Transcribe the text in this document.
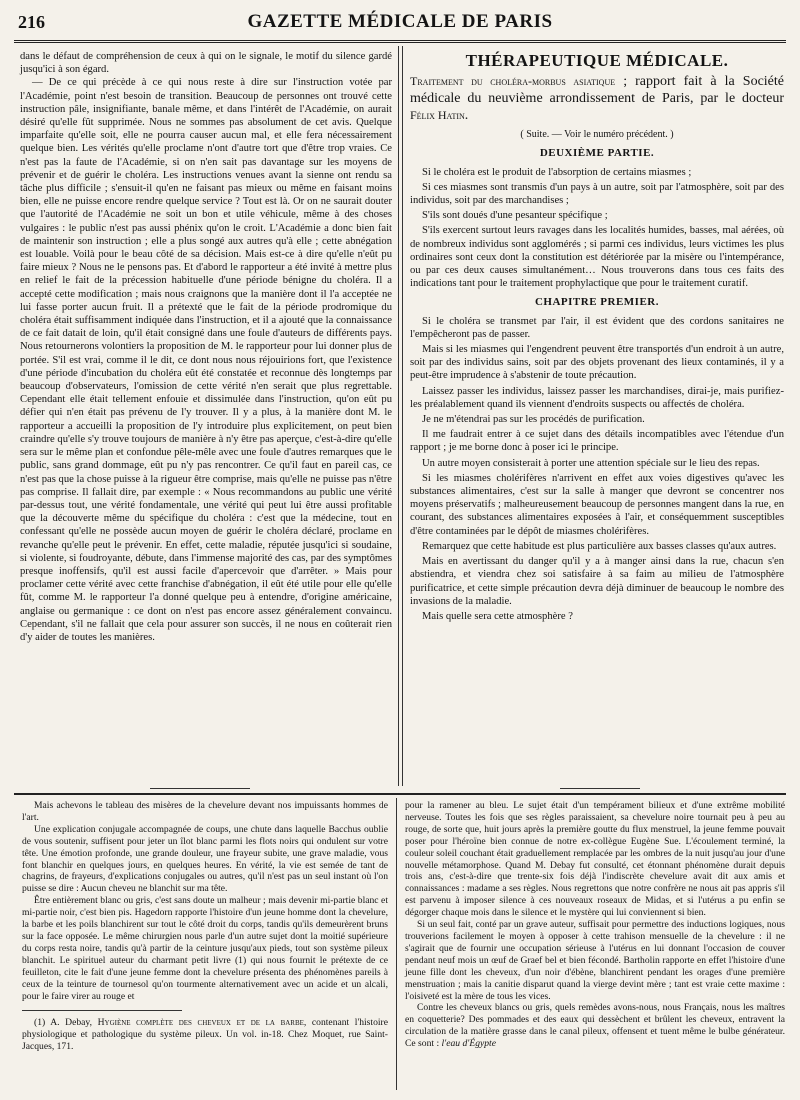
216	GAZETTE MÉDICALE DE PARIS

dans le défaut de compréhension de ceux à qui on le signale, le motif du silence gardé jusqu'ici à son égard.

— De ce qui précède à ce qui nous reste à dire sur l'instruction votée par l'Académie, point n'est besoin de transition. Beaucoup de personnes ont trouvé cette instruction pâle, insignifiante, banale même, et dans l'intérêt de l'Académie, on aurait désiré qu'elle fût supprimée. Nous ne sommes pas absolument de cet avis. Quelque imparfaite qu'elle soit, elle ne pourra causer aucun mal, et elle fera nécessairement quelque bien. Les vérités qu'elle proclame n'ont d'autre tort que d'être trop vraies. Ce n'est pas la faute de l'Académie, si on n'en sait pas davantage sur les moyens de prévenir et de guérir le choléra. Les instructions venues avant la sienne ont rendu sa tâche plus difficile ; s'ensuit-il qu'en ne faisant pas mieux ou même en faisant moins bien, elle ne puisse encore rendre quelque service ? Tout est là. Or on ne saurait douter que l'autorité de l'Académie ne soit un bon et utile véhicule, même à des choses vulgaires : le public n'est pas aussi phénix qu'on le croit. L'Académie a donc bien fait de maintenir son instruction ; elle a plus songé aux autres qu'à elle ; cette abnégation est louable. Voilà pour le beau côté de sa décision. Mais est-ce à dire qu'elle n'eût pu faire mieux ? Nous ne le pensons pas. Et d'abord le rapporteur a été invité à mettre plus en relief le fait de la précession habituelle d'une période bénigne du choléra. Il a accepté cette modification ; mais nous craignons que la manière dont il l'a acceptée ne lui fasse porter aucun fruit. Il a prétexté que le fait de la période prodromique du choléra était suffisamment indiquée dans l'instruction, et il a ajouté que la connaissance de ce fait datait de loin, qu'il était consigné dans une foule d'auteurs de différents pays. Nous retournerons volontiers la proposition de M. le rapporteur pour lui donner plus de portée. S'il est vrai, comme il le dit, ce dont nous nous réjouirions fort, que l'existence d'une période d'incubation du choléra eût été constatée et reconnue dès longtemps par beaucoup d'observateurs, l'omission de cette vérité n'en serait que plus regrettable. Cependant elle était tellement enfouie et dissimulée dans l'instruction, qu'on eût pu défier qui n'en était pas prévenu de l'y trouver. Il y a plus, à la manière dont M. le rapporteur a accueilli la proposition de l'y introduire plus explicitement, on peut bien craindre qu'elle s'y trouve toujours de manière à n'y être pas aperçue, c'est-à-dire qu'elle sera sur le même plan et confondue pêle-mêle avec une foule d'autres remarques que le public, sans grand dommage, eût pu n'y pas rencontrer. Ce qu'il faut en pareil cas, ce n'est pas que la chose puisse à la rigueur être comprise, mais qu'elle ne puisse pas n'être pas comprise. Il fallait dire, par exemple : « Nous recommandons au public une vérité par-dessus tout, une vérité fondamentale, une vérité qui peut lui être aussi profitable que la découverte même du spécifique du choléra : c'est que la médecine, tout en confessant qu'elle ne possède aucun moyen de guérir le choléra déclaré, proclame en revanche qu'elle peut le prévenir. En effet, cette maladie, réputée jusqu'ici si soudaine, si violente, si foudroyante, débute, dans l'immense majorité des cas, par des symptômes presque inoffensifs, qu'il est aussi facile d'apercevoir que d'arrêter. » Mais pour proclamer cette vérité avec cette franchise d'abnégation, il eût été utile pour elle qu'elle fût, comme M. le rapporteur l'a donné quelque peu à entendre, d'origine américaine, anglaise ou germanique : ce dont on n'est pas encore assez généralement convaincu. Cependant, s'il ne fallait que cela pour assurer son succès, il ne nous en coûterait rien d'y aider de toutes les manières.

THÉRAPEUTIQUE MÉDICALE.
Traitement du choléra-morbus asiatique ; rapport fait à la Société médicale du neuvième arrondissement de Paris, par le docteur Félix Hatin.
( Suite. — Voir le numéro précédent. )
DEUXIÈME PARTIE.

Si le choléra est le produit de l'absorption de certains miasmes ;

Si ces miasmes sont transmis d'un pays à un autre, soit par l'atmosphère, soit par des individus, soit par des marchandises ;

S'ils sont doués d'une pesanteur spécifique ;

S'ils exercent surtout leurs ravages dans les localités humides, basses, mal aérées, où de nombreux individus sont agglomérés ; si parmi ces individus, leurs victimes les plus ordinaires sont ceux dont la constitution est détériorée par la misère ou l'intempérance, ou par ces deux causes simultanément… Nous trouverons dans tous ces faits des indications tant pour le traitement prophylactique que pour le traitement curatif.

CHAPITRE PREMIER.

Si le choléra se transmet par l'air, il est évident que des cordons sanitaires ne l'empêcheront pas de passer.

Mais si les miasmes qui l'engendrent peuvent être transportés d'un endroit à un autre, soit par des individus sains, soit par des objets provenant des lieux contaminés, il y a peut-être imprudence à s'abstenir de toute précaution.

Laissez passer les individus, laissez passer les marchandises, dirai-je, mais purifiez-les préalablement quand ils viennent d'endroits suspects ou affectés de choléra.

Je ne m'étendrai pas sur les procédés de purification.

Il me faudrait entrer à ce sujet dans des détails incompatibles avec l'étendue d'un rapport ; je me borne donc à poser ici le principe.

Un autre moyen consisterait à porter une attention spéciale sur le lieu des repas.

Si les miasmes cholérifères n'arrivent en effet aux voies digestives qu'avec les substances alimentaires, c'est sur la salle à manger que devront se concentrer nos moyens préservatifs ; malheureusement beaucoup de personnes mangent dans la rue, en courant, des substances alimentaires exposées à l'air, et conséquemment susceptibles d'être contaminées par le dépôt de miasmes cholérifères.

Remarquez que cette habitude est plus particulière aux basses classes qu'aux autres.

Mais en avertissant du danger qu'il y a à manger ainsi dans la rue, chacun s'en abstiendra, et viendra chez soi satisfaire à sa faim au milieu de l'atmosphère purificatrice, et cette simple précaution devra déjà diminuer de beaucoup le nombre des invasions de la maladie.

Mais quelle sera cette atmosphère ?

Mais achevons le tableau des misères de la chevelure devant nos impuissants hommes de l'art.

Une explication conjugale accompagnée de coups, une chute dans laquelle Bacchus oublie de vous soutenir, suffisent pour jeter un îlot blanc parmi les flots noirs qui ondulent sur votre tête. Une émotion profonde, une grande douleur, une frayeur subite, une grave maladie, vous font blanchir en quelques jours, en quelques heures. En vérité, la vie est semée de tant de chagrins, de frayeurs, d'explications conjugales ou autres, qu'il n'est pas un seul instant où l'on puisse se dire : Aucun cheveu ne blanchit sur ma tête.

Être entièrement blanc ou gris, c'est sans doute un malheur ; mais devenir mi-partie blanc et mi-partie noir, c'est bien pis. Hagedorn rapporte l'histoire d'un jeune homme dont la chevelure, la barbe et les poils blanchirent sur tout le côté droit du corps, tandis qu'ils demeurèrent bruns sur la face opposée. Le même chirurgien nous parle d'un autre sujet dont la moitié supérieure du corps resta noire, tandis qu'à partir de la ceinture jusqu'aux pieds, tout son système pileux blanchit. Le spirituel auteur du charmant petit livre (1) qui nous fournit le prétexte de ce feuilleton, cite le fait d'une jeune femme dont la chevelure présenta des phénomènes pareils à ceux de la teinture de tournesol qu'on tourmente alternativement avec un acide et un alcali, pour le faire virer au rouge et

(1) A. Debay, Hygiène complète des cheveux et de la barbe, contenant l'histoire physiologique et pathologique du système pileux. Un vol. in-18. Chez Moquet, rue Saint-Jacques, 171.

pour la ramener au bleu. Le sujet était d'un tempérament bilieux et d'une extrême mobilité nerveuse. Toutes les fois que ses règles paraissaient, sa chevelure noire tournait peu à peu au rouge, de sorte que, huit jours après la première goutte du flux menstruel, la jeune femme pouvait poser pour l'héroïne bien connue de notre ex-collègue Eugène Sue. L'écoulement terminé, la couleur soleil couchant était graduellement remplacée par les ombres de la nuit jusqu'au jour d'une nouvelle métamorphose. Quand M. Debay fut consulté, cet étonnant phénomène durait depuis trois ans, c'est-à-dire que trente-six fois déjà l'indiscrète chevelure avait dit aux amis et connaissances : madame a ses règles. Nous regrettons que notre confrère ne nous ait pas appris s'il est parvenu à imposer silence à ces nouveaux roseaux de Midas, et si l'utérus a pu enfin se dégorger chaque mois dans le silence et le mystère qui lui conviennent si bien.

Si un seul fait, conté par un grave auteur, suffisait pour permettre des inductions logiques, nous trouverions facilement le moyen à opposer à cette trahison mensuelle de la chevelure : il ne s'agirait que de fournir une occupation sérieuse à l'utérus en lui donnant l'occasion de couver pendant neuf mois un œuf de Graef bel et bien fécondé. Bartholin rapporte en effet l'histoire d'une jeune fille dont les cheveux, d'un noir d'ébène, blanchirent pendant les orages d'une première menstruation ; mais la canitie disparut quand la vierge devint mère ; tant est vraie cette maxime : l'oisiveté est la mère de tous les vices.

Contre les cheveux blancs ou gris, quels remèdes avons-nous, nous Français, nous les maîtres en coquetterie? Des pommades et des eaux qui dessèchent et brûlent les cheveux, entravent la circulation de la matière grasse dans le canal pileux, offensent et tuent même le bulbe générateur. Ce sont : l'eau d'Égypte
